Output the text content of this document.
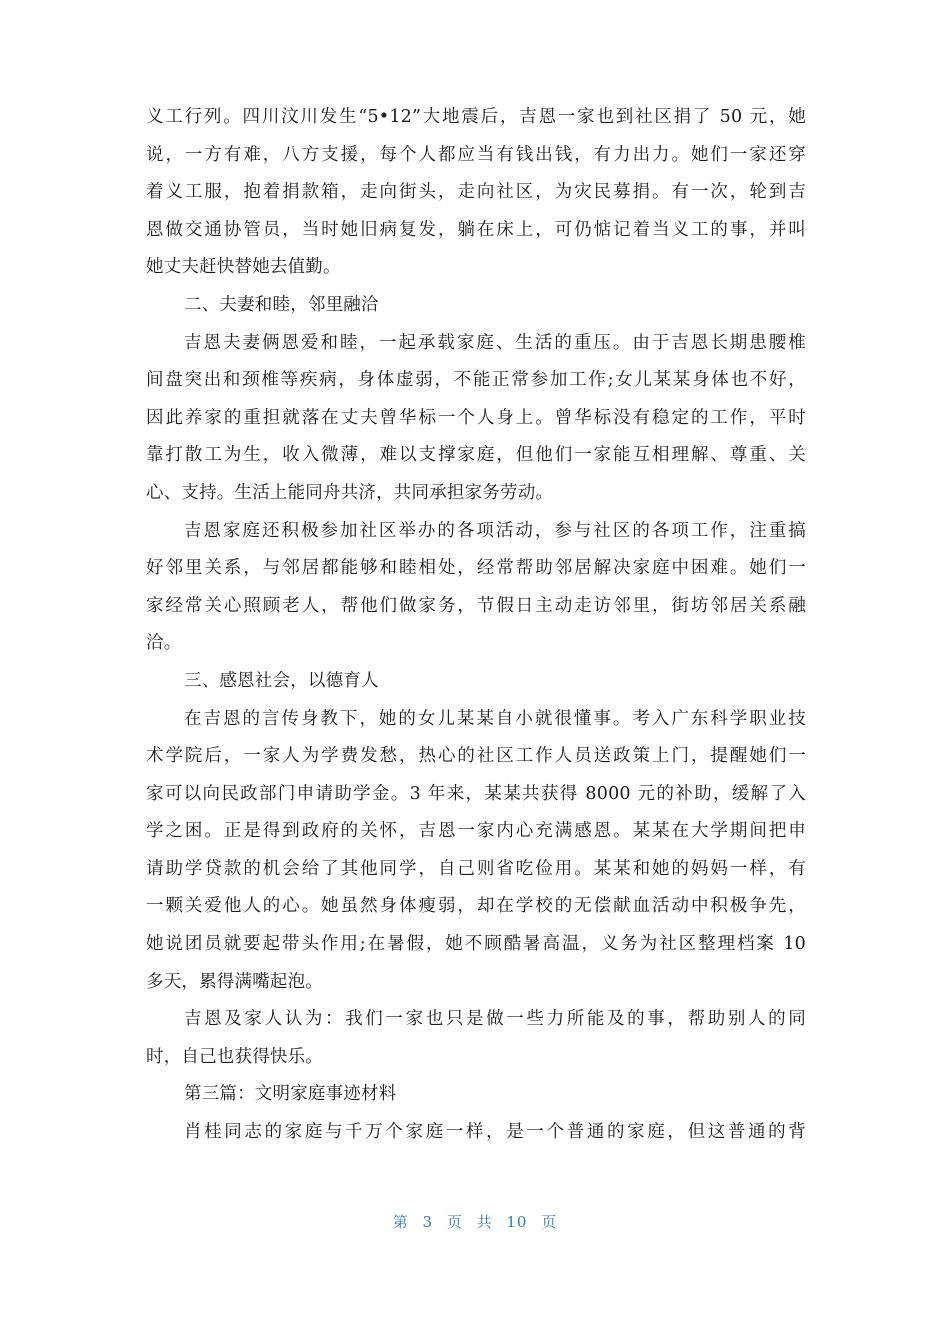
义工行列。四川汶川发生“5•12”大地震后，吉恩一家也到社区捐了 50 元，她
说，一方有难，八方支援，每个人都应当有钱出钱，有力出力。她们一家还穿
着义工服，抱着捐款箱，走向街头，走向社区，为灾民募捐。有一次，轮到吉
恩做交通协管员，当时她旧病复发，躺在床上，可仍惦记着当义工的事，并叫
她丈夫赶快替她去值勤。
二、夫妻和睦，邻里融洽
吉恩夫妻俩恩爱和睦，一起承载家庭、生活的重压。由于吉恩长期患腰椎
间盘突出和颈椎等疾病，身体虚弱，不能正常参加工作;女儿某某身体也不好，
因此养家的重担就落在丈夫曾华标一个人身上。曾华标没有稳定的工作，平时
靠打散工为生，收入微薄，难以支撑家庭，但他们一家能互相理解、尊重、关
心、支持。生活上能同舟共济，共同承担家务劳动。
吉恩家庭还积极参加社区举办的各项活动，参与社区的各项工作，注重搞
好邻里关系，与邻居都能够和睦相处，经常帮助邻居解决家庭中困难。她们一
家经常关心照顾老人，帮他们做家务，节假日主动走访邻里，街坊邻居关系融
洽。
三、感恩社会，以德育人
在吉恩的言传身教下，她的女儿某某自小就很懂事。考入广东科学职业技
术学院后，一家人为学费发愁，热心的社区工作人员送政策上门，提醒她们一
家可以向民政部门申请助学金。3 年来，某某共获得 8000 元的补助，缓解了入
学之困。正是得到政府的关怀，吉恩一家内心充满感恩。某某在大学期间把申
请助学贷款的机会给了其他同学，自己则省吃俭用。某某和她的妈妈一样，有
一颗关爱他人的心。她虽然身体瘦弱，却在学校的无偿献血活动中积极争先，
她说团员就要起带头作用;在暑假，她不顾酷暑高温，义务为社区整理档案 10
多天，累得满嘴起泡。
吉恩及家人认为：我们一家也只是做一些力所能及的事，帮助别人的同
时，自己也获得快乐。
第三篇：文明家庭事迹材料
肖桂同志的家庭与千万个家庭一样，是一个普通的家庭，但这普通的背
第 3 页 共 10 页
